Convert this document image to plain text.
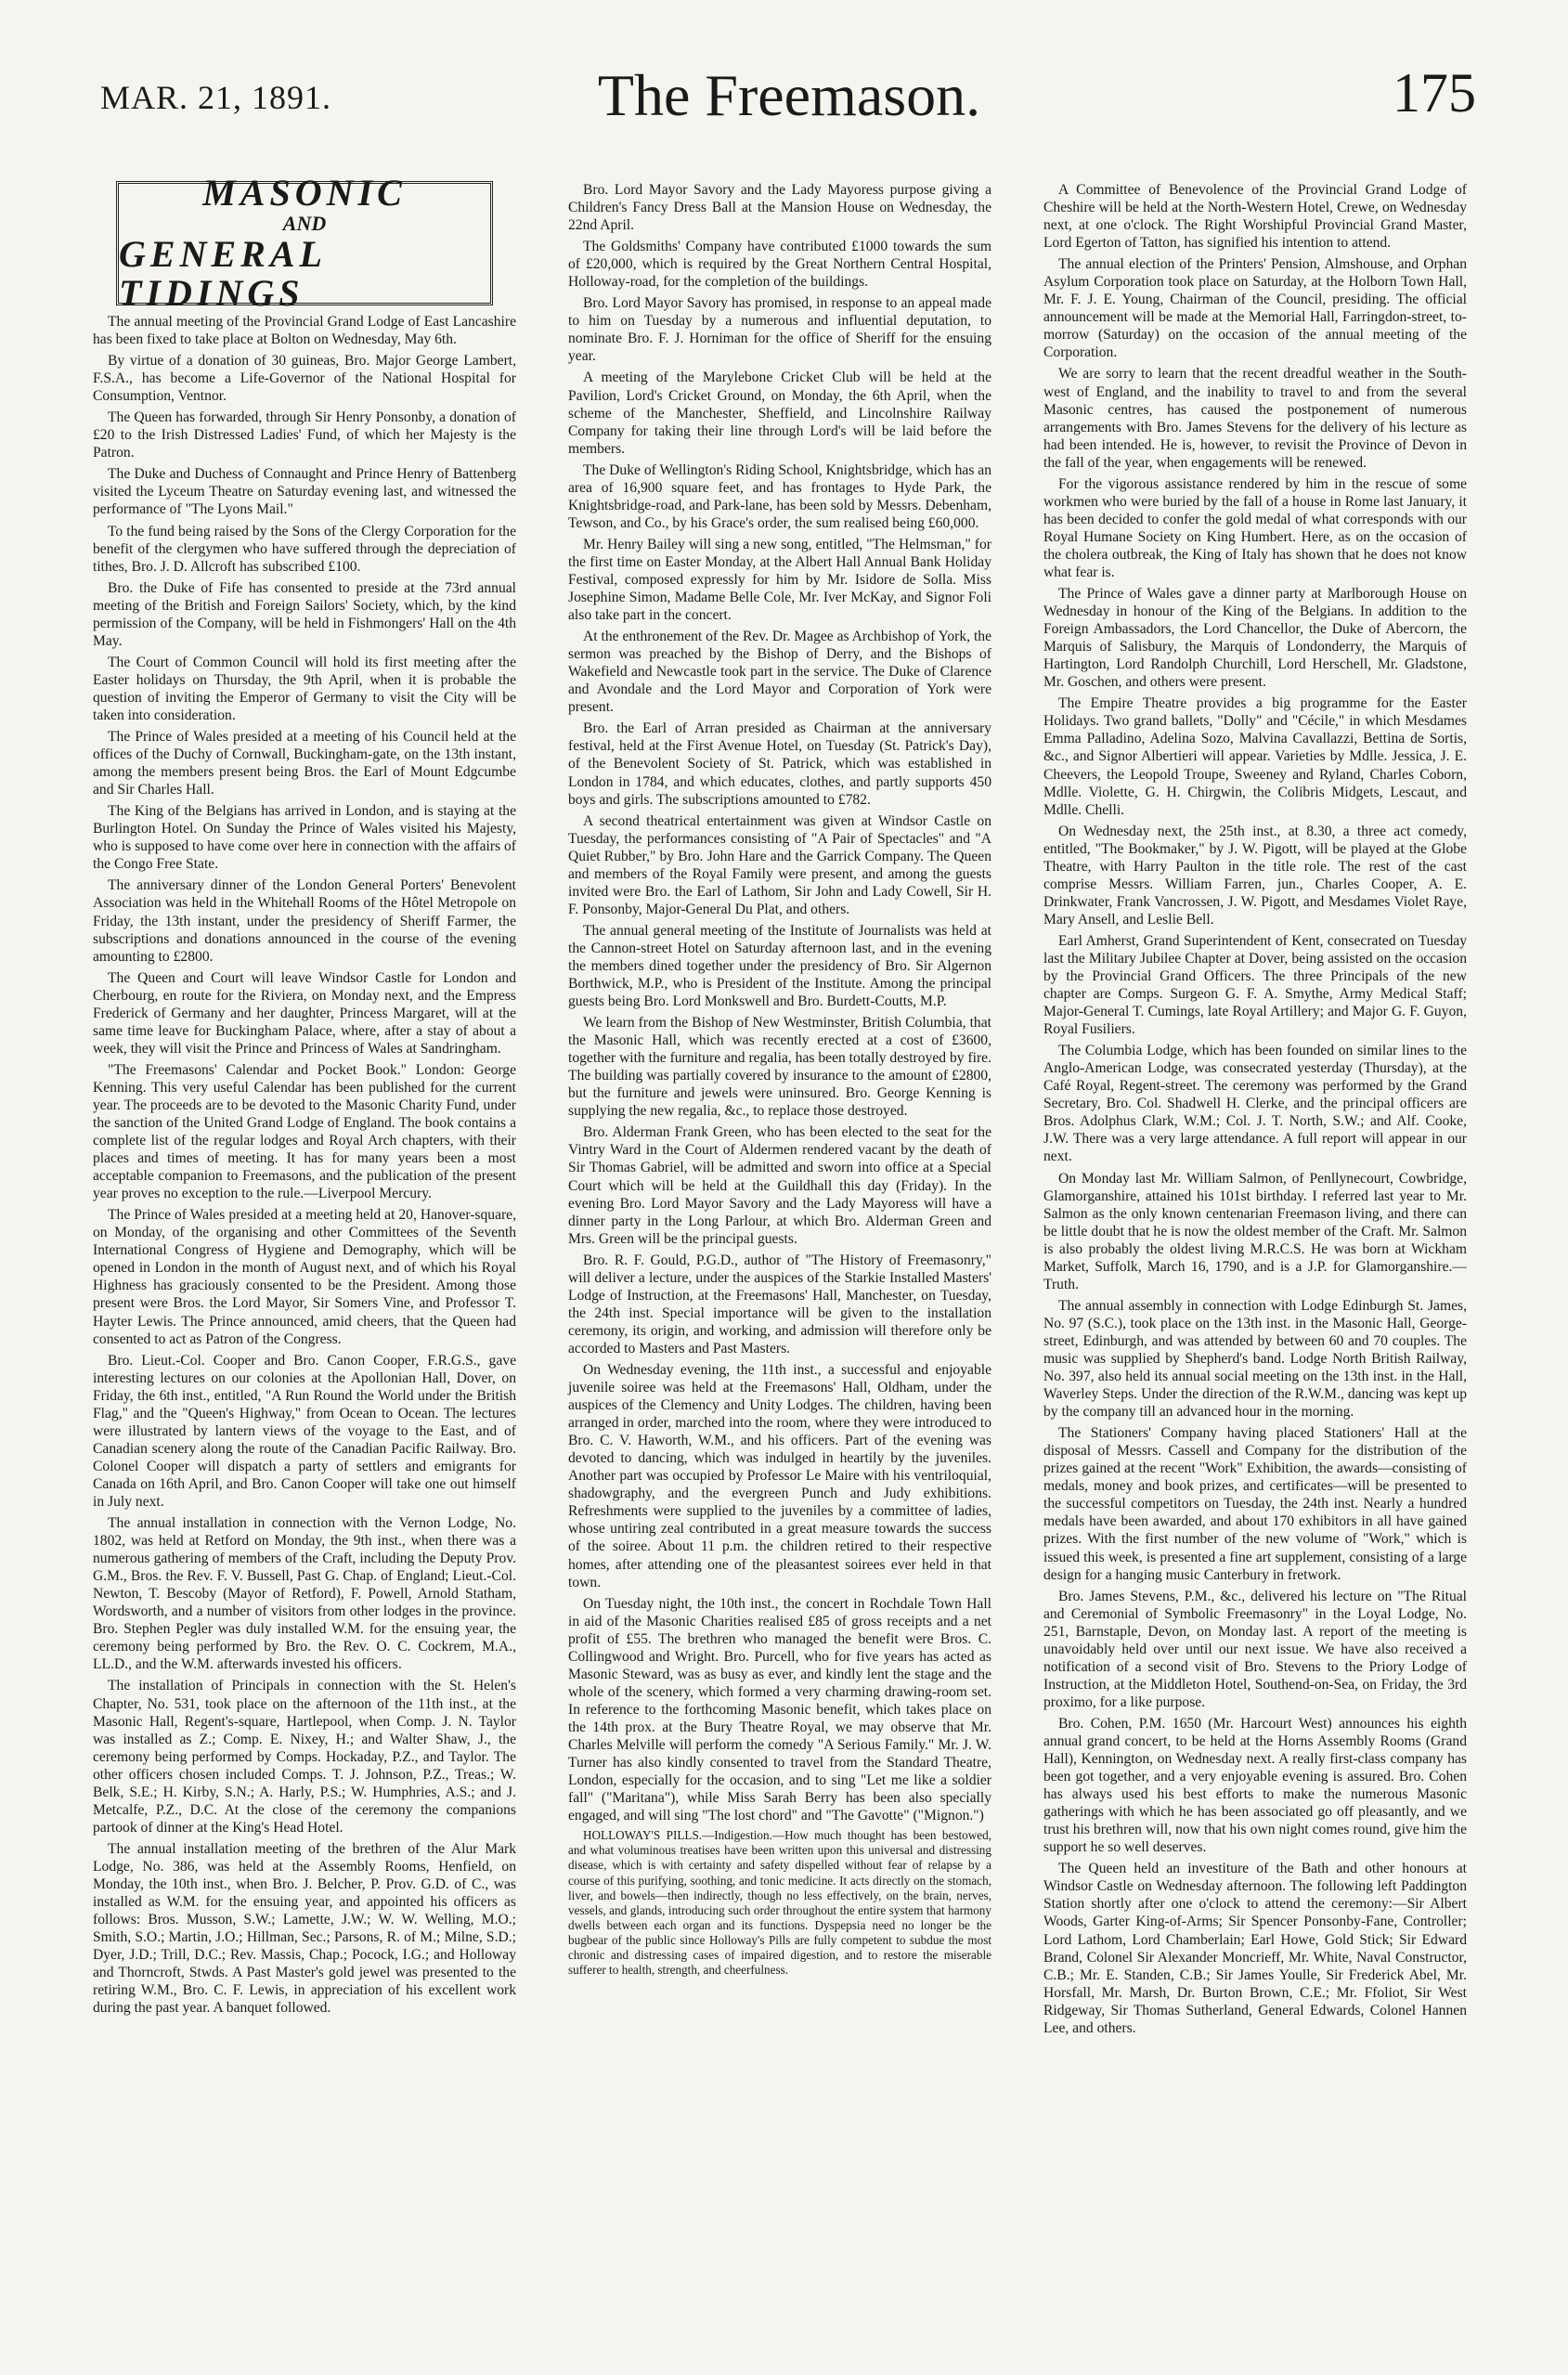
MAR. 21, 1891.	The Freemason.	175
MASONIC
AND
GENERAL TIDINGS

The annual meeting of the Provincial Grand Lodge of East Lancashire has been fixed to take place at Bolton on Wednesday, May 6th.

By virtue of a donation of 30 guineas, Bro. Major George Lambert, F.S.A., has become a Life-Governor of the National Hospital for Consumption, Ventnor.

The Queen has forwarded, through Sir Henry Ponsonby, a donation of £20 to the Irish Distressed Ladies' Fund, of which her Majesty is the Patron.

The Duke and Duchess of Connaught and Prince Henry of Battenberg visited the Lyceum Theatre on Saturday evening last, and witnessed the performance of "The Lyons Mail."

To the fund being raised by the Sons of the Clergy Corporation for the benefit of the clergymen who have suffered through the depreciation of tithes, Bro. J. D. Allcroft has subscribed £100.

Bro. the Duke of Fife has consented to preside at the 73rd annual meeting of the British and Foreign Sailors' Society, which, by the kind permission of the Company, will be held in Fishmongers' Hall on the 4th May.

The Court of Common Council will hold its first meeting after the Easter holidays on Thursday, the 9th April, when it is probable the question of inviting the Emperor of Germany to visit the City will be taken into consideration.

The Prince of Wales presided at a meeting of his Council held at the offices of the Duchy of Cornwall, Buckingham-gate, on the 13th instant, among the members present being Bros. the Earl of Mount Edgcumbe and Sir Charles Hall.

The King of the Belgians has arrived in London, and is staying at the Burlington Hotel. On Sunday the Prince of Wales visited his Majesty, who is supposed to have come over here in connection with the affairs of the Congo Free State.

The anniversary dinner of the London General Porters' Benevolent Association was held in the Whitehall Rooms of the Hôtel Metropole on Friday, the 13th instant, under the presidency of Sheriff Farmer, the subscriptions and donations announced in the course of the evening amounting to £2800.

The Queen and Court will leave Windsor Castle for London and Cherbourg, en route for the Riviera, on Monday next, and the Empress Frederick of Germany and her daughter, Princess Margaret, will at the same time leave for Buckingham Palace, where, after a stay of about a week, they will visit the Prince and Princess of Wales at Sandringham.

"The Freemasons' Calendar and Pocket Book." London: George Kenning. This very useful Calendar has been published for the current year. The proceeds are to be devoted to the Masonic Charity Fund, under the sanction of the United Grand Lodge of England. The book contains a complete list of the regular lodges and Royal Arch chapters, with their places and times of meeting. It has for many years been a most acceptable companion to Freemasons, and the publication of the present year proves no exception to the rule.—Liverpool Mercury.

The Prince of Wales presided at a meeting held at 20, Hanover-square, on Monday, of the organising and other Committees of the Seventh International Congress of Hygiene and Demography, which will be opened in London in the month of August next, and of which his Royal Highness has graciously consented to be the President. Among those present were Bros. the Lord Mayor, Sir Somers Vine, and Professor T. Hayter Lewis. The Prince announced, amid cheers, that the Queen had consented to act as Patron of the Congress.

Bro. Lieut.-Col. Cooper and Bro. Canon Cooper, F.R.G.S., gave interesting lectures on our colonies at the Apollonian Hall, Dover, on Friday, the 6th inst., entitled, "A Run Round the World under the British Flag," and the "Queen's Highway," from Ocean to Ocean. The lectures were illustrated by lantern views of the voyage to the East, and of Canadian scenery along the route of the Canadian Pacific Railway. Bro. Colonel Cooper will dispatch a party of settlers and emigrants for Canada on 16th April, and Bro. Canon Cooper will take one out himself in July next.

The annual installation in connection with the Vernon Lodge, No. 1802, was held at Retford on Monday, the 9th inst., when there was a numerous gathering of members of the Craft, including the Deputy Prov. G.M., Bros. the Rev. F. V. Bussell, Past G. Chap. of England; Lieut.-Col. Newton, T. Bescoby (Mayor of Retford), F. Powell, Arnold Statham, Wordsworth, and a number of visitors from other lodges in the province. Bro. Stephen Pegler was duly installed W.M. for the ensuing year, the ceremony being performed by Bro. the Rev. O. C. Cockrem, M.A., LL.D., and the W.M. afterwards invested his officers.

The installation of Principals in connection with the St. Helen's Chapter, No. 531, took place on the afternoon of the 11th inst., at the Masonic Hall, Regent's-square, Hartlepool, when Comp. J. N. Taylor was installed as Z.; Comp. E. Nixey, H.; and Walter Shaw, J., the ceremony being performed by Comps. Hockaday, P.Z., and Taylor. The other officers chosen included Comps. T. J. Johnson, P.Z., Treas.; W. Belk, S.E.; H. Kirby, S.N.; A. Harly, P.S.; W. Humphries, A.S.; and J. Metcalfe, P.Z., D.C. At the close of the ceremony the companions partook of dinner at the King's Head Hotel.

The annual installation meeting of the brethren of the Alur Mark Lodge, No. 386, was held at the Assembly Rooms, Henfield, on Monday, the 10th inst., when Bro. J. Belcher, P. Prov. G.D. of C., was installed as W.M. for the ensuing year, and appointed his officers as follows: Bros. Musson, S.W.; Lamette, J.W.; W. W. Welling, M.O.; Smith, S.O.; Martin, J.O.; Hillman, Sec.; Parsons, R. of M.; Milne, S.D.; Dyer, J.D.; Trill, D.C.; Rev. Massis, Chap.; Pocock, I.G.; and Holloway and Thorncroft, Stwds. A Past Master's gold jewel was presented to the retiring W.M., Bro. C. F. Lewis, in appreciation of his excellent work during the past year. A banquet followed.

Bro. Lord Mayor Savory and the Lady Mayoress purpose giving a Children's Fancy Dress Ball at the Mansion House on Wednesday, the 22nd April.

The Goldsmiths' Company have contributed £1000 towards the sum of £20,000, which is required by the Great Northern Central Hospital, Holloway-road, for the completion of the buildings.

Bro. Lord Mayor Savory has promised, in response to an appeal made to him on Tuesday by a numerous and influential deputation, to nominate Bro. F. J. Horniman for the office of Sheriff for the ensuing year.

A meeting of the Marylebone Cricket Club will be held at the Pavilion, Lord's Cricket Ground, on Monday, the 6th April, when the scheme of the Manchester, Sheffield, and Lincolnshire Railway Company for taking their line through Lord's will be laid before the members.

The Duke of Wellington's Riding School, Knightsbridge, which has an area of 16,900 square feet, and has frontages to Hyde Park, the Knightsbridge-road, and Park-lane, has been sold by Messrs. Debenham, Tewson, and Co., by his Grace's order, the sum realised being £60,000.

Mr. Henry Bailey will sing a new song, entitled, "The Helmsman," for the first time on Easter Monday, at the Albert Hall Annual Bank Holiday Festival, composed expressly for him by Mr. Isidore de Solla. Miss Josephine Simon, Madame Belle Cole, Mr. Iver McKay, and Signor Foli also take part in the concert.

At the enthronement of the Rev. Dr. Magee as Archbishop of York, the sermon was preached by the Bishop of Derry, and the Bishops of Wakefield and Newcastle took part in the service. The Duke of Clarence and Avondale and the Lord Mayor and Corporation of York were present.

Bro. the Earl of Arran presided as Chairman at the anniversary festival, held at the First Avenue Hotel, on Tuesday (St. Patrick's Day), of the Benevolent Society of St. Patrick, which was established in London in 1784, and which educates, clothes, and partly supports 450 boys and girls. The subscriptions amounted to £782.

A second theatrical entertainment was given at Windsor Castle on Tuesday, the performances consisting of "A Pair of Spectacles" and "A Quiet Rubber," by Bro. John Hare and the Garrick Company. The Queen and members of the Royal Family were present, and among the guests invited were Bro. the Earl of Lathom, Sir John and Lady Cowell, Sir H. F. Ponsonby, Major-General Du Plat, and others.

The annual general meeting of the Institute of Journalists was held at the Cannon-street Hotel on Saturday afternoon last, and in the evening the members dined together under the presidency of Bro. Sir Algernon Borthwick, M.P., who is President of the Institute. Among the principal guests being Bro. Lord Monkswell and Bro. Burdett-Coutts, M.P.

We learn from the Bishop of New Westminster, British Columbia, that the Masonic Hall, which was recently erected at a cost of £3600, together with the furniture and regalia, has been totally destroyed by fire. The building was partially covered by insurance to the amount of £2800, but the furniture and jewels were uninsured. Bro. George Kenning is supplying the new regalia, &c., to replace those destroyed.

Bro. Alderman Frank Green, who has been elected to the seat for the Vintry Ward in the Court of Aldermen rendered vacant by the death of Sir Thomas Gabriel, will be admitted and sworn into office at a Special Court which will be held at the Guildhall this day (Friday). In the evening Bro. Lord Mayor Savory and the Lady Mayoress will have a dinner party in the Long Parlour, at which Bro. Alderman Green and Mrs. Green will be the principal guests.

Bro. R. F. Gould, P.G.D., author of "The History of Freemasonry," will deliver a lecture, under the auspices of the Starkie Installed Masters' Lodge of Instruction, at the Freemasons' Hall, Manchester, on Tuesday, the 24th inst. Special importance will be given to the installation ceremony, its origin, and working, and admission will therefore only be accorded to Masters and Past Masters.

On Wednesday evening, the 11th inst., a successful and enjoyable juvenile soiree was held at the Freemasons' Hall, Oldham, under the auspices of the Clemency and Unity Lodges. The children, having been arranged in order, marched into the room, where they were introduced to Bro. C. V. Haworth, W.M., and his officers. Part of the evening was devoted to dancing, which was indulged in heartily by the juveniles. Another part was occupied by Professor Le Maire with his ventriloquial, shadowgraphy, and the evergreen Punch and Judy exhibitions. Refreshments were supplied to the juveniles by a committee of ladies, whose untiring zeal contributed in a great measure towards the success of the soiree. About 11 p.m. the children retired to their respective homes, after attending one of the pleasantest soirees ever held in that town.

On Tuesday night, the 10th inst., the concert in Rochdale Town Hall in aid of the Masonic Charities realised £85 of gross receipts and a net profit of £55. The brethren who managed the benefit were Bros. C. Collingwood and Wright. Bro. Purcell, who for five years has acted as Masonic Steward, was as busy as ever, and kindly lent the stage and the whole of the scenery, which formed a very charming drawing-room set. In reference to the forthcoming Masonic benefit, which takes place on the 14th prox. at the Bury Theatre Royal, we may observe that Mr. Charles Melville will perform the comedy "A Serious Family." Mr. J. W. Turner has also kindly consented to travel from the Standard Theatre, London, especially for the occasion, and to sing "Let me like a soldier fall" ("Maritana"), while Miss Sarah Berry has been also specially engaged, and will sing "The lost chord" and "The Gavotte" ("Mignon.")

HOLLOWAY'S PILLS.—Indigestion.—How much thought has been bestowed, and what voluminous treatises have been written upon this universal and distressing disease, which is with certainty and safety dispelled without fear of relapse by a course of this purifying, soothing, and tonic medicine. It acts directly on the stomach, liver, and bowels—then indirectly, though no less effectively, on the brain, nerves, vessels, and glands, introducing such order throughout the entire system that harmony dwells between each organ and its functions. Dyspepsia need no longer be the bugbear of the public since Holloway's Pills are fully competent to subdue the most chronic and distressing cases of impaired digestion, and to restore the miserable sufferer to health, strength, and cheerfulness.

A Committee of Benevolence of the Provincial Grand Lodge of Cheshire will be held at the North-Western Hotel, Crewe, on Wednesday next, at one o'clock. The Right Worshipful Provincial Grand Master, Lord Egerton of Tatton, has signified his intention to attend.

The annual election of the Printers' Pension, Almshouse, and Orphan Asylum Corporation took place on Saturday, at the Holborn Town Hall, Mr. F. J. E. Young, Chairman of the Council, presiding. The official announcement will be made at the Memorial Hall, Farringdon-street, to-morrow (Saturday) on the occasion of the annual meeting of the Corporation.

We are sorry to learn that the recent dreadful weather in the South-west of England, and the inability to travel to and from the several Masonic centres, has caused the postponement of numerous arrangements with Bro. James Stevens for the delivery of his lecture as had been intended. He is, however, to revisit the Province of Devon in the fall of the year, when engagements will be renewed.

For the vigorous assistance rendered by him in the rescue of some workmen who were buried by the fall of a house in Rome last January, it has been decided to confer the gold medal of what corresponds with our Royal Humane Society on King Humbert. Here, as on the occasion of the cholera outbreak, the King of Italy has shown that he does not know what fear is.

The Prince of Wales gave a dinner party at Marlborough House on Wednesday in honour of the King of the Belgians. In addition to the Foreign Ambassadors, the Lord Chancellor, the Duke of Abercorn, the Marquis of Salisbury, the Marquis of Londonderry, the Marquis of Hartington, Lord Randolph Churchill, Lord Herschell, Mr. Gladstone, Mr. Goschen, and others were present.

The Empire Theatre provides a big programme for the Easter Holidays. Two grand ballets, "Dolly" and "Cécile," in which Mesdames Emma Palladino, Adelina Sozo, Malvina Cavallazzi, Bettina de Sortis, &c., and Signor Albertieri will appear. Varieties by Mdlle. Jessica, J. E. Cheevers, the Leopold Troupe, Sweeney and Ryland, Charles Coborn, Mdlle. Violette, G. H. Chirgwin, the Colibris Midgets, Lescaut, and Mdlle. Chelli.

On Wednesday next, the 25th inst., at 8.30, a three act comedy, entitled, "The Bookmaker," by J. W. Pigott, will be played at the Globe Theatre, with Harry Paulton in the title role. The rest of the cast comprise Messrs. William Farren, jun., Charles Cooper, A. E. Drinkwater, Frank Vancrossen, J. W. Pigott, and Mesdames Violet Raye, Mary Ansell, and Leslie Bell.

Earl Amherst, Grand Superintendent of Kent, consecrated on Tuesday last the Military Jubilee Chapter at Dover, being assisted on the occasion by the Provincial Grand Officers. The three Principals of the new chapter are Comps. Surgeon G. F. A. Smythe, Army Medical Staff; Major-General T. Cumings, late Royal Artillery; and Major G. F. Guyon, Royal Fusiliers.

The Columbia Lodge, which has been founded on similar lines to the Anglo-American Lodge, was consecrated yesterday (Thursday), at the Café Royal, Regent-street. The ceremony was performed by the Grand Secretary, Bro. Col. Shadwell H. Clerke, and the principal officers are Bros. Adolphus Clark, W.M.; Col. J. T. North, S.W.; and Alf. Cooke, J.W. There was a very large attendance. A full report will appear in our next.

On Monday last Mr. William Salmon, of Penllynecourt, Cowbridge, Glamorganshire, attained his 101st birthday. I referred last year to Mr. Salmon as the only known centenarian Freemason living, and there can be little doubt that he is now the oldest member of the Craft. Mr. Salmon is also probably the oldest living M.R.C.S. He was born at Wickham Market, Suffolk, March 16, 1790, and is a J.P. for Glamorganshire.—Truth.

The annual assembly in connection with Lodge Edinburgh St. James, No. 97 (S.C.), took place on the 13th inst. in the Masonic Hall, George-street, Edinburgh, and was attended by between 60 and 70 couples. The music was supplied by Shepherd's band. Lodge North British Railway, No. 397, also held its annual social meeting on the 13th inst. in the Hall, Waverley Steps. Under the direction of the R.W.M., dancing was kept up by the company till an advanced hour in the morning.

The Stationers' Company having placed Stationers' Hall at the disposal of Messrs. Cassell and Company for the distribution of the prizes gained at the recent "Work" Exhibition, the awards—consisting of medals, money and book prizes, and certificates—will be presented to the successful competitors on Tuesday, the 24th inst. Nearly a hundred medals have been awarded, and about 170 exhibitors in all have gained prizes. With the first number of the new volume of "Work," which is issued this week, is presented a fine art supplement, consisting of a large design for a hanging music Canterbury in fretwork.

Bro. James Stevens, P.M., &c., delivered his lecture on "The Ritual and Ceremonial of Symbolic Freemasonry" in the Loyal Lodge, No. 251, Barnstaple, Devon, on Monday last. A report of the meeting is unavoidably held over until our next issue. We have also received a notification of a second visit of Bro. Stevens to the Priory Lodge of Instruction, at the Middleton Hotel, Southend-on-Sea, on Friday, the 3rd proximo, for a like purpose.

Bro. Cohen, P.M. 1650 (Mr. Harcourt West) announces his eighth annual grand concert, to be held at the Horns Assembly Rooms (Grand Hall), Kennington, on Wednesday next. A really first-class company has been got together, and a very enjoyable evening is assured. Bro. Cohen has always used his best efforts to make the numerous Masonic gatherings with which he has been associated go off pleasantly, and we trust his brethren will, now that his own night comes round, give him the support he so well deserves.

The Queen held an investiture of the Bath and other honours at Windsor Castle on Wednesday afternoon. The following left Paddington Station shortly after one o'clock to attend the ceremony:—Sir Albert Woods, Garter King-of-Arms; Sir Spencer Ponsonby-Fane, Controller; Lord Lathom, Lord Chamberlain; Earl Howe, Gold Stick; Sir Edward Brand, Colonel Sir Alexander Moncrieff, Mr. White, Naval Constructor, C.B.; Mr. E. Standen, C.B.; Sir James Youlle, Sir Frederick Abel, Mr. Horsfall, Mr. Marsh, Dr. Burton Brown, C.E.; Mr. Ffoliot, Sir West Ridgeway, Sir Thomas Sutherland, General Edwards, Colonel Hannen Lee, and others.
